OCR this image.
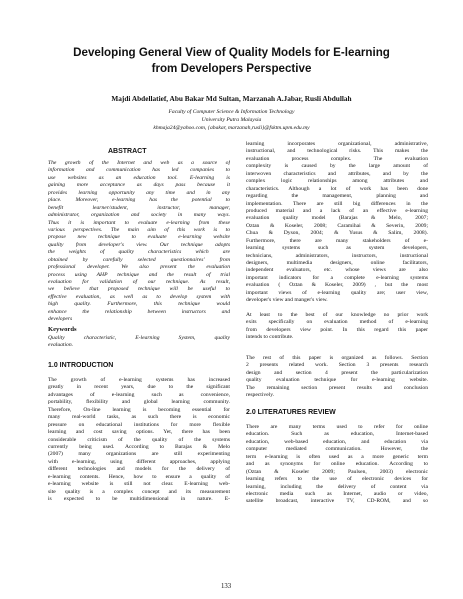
Developing General View of Quality Models for E-learning
from Developers Perspective
Majdi Abdellatief, Abu Bakar Md Sultan, Marzanah A.Jabar, Rusli Abdullah
Faculty of Computer Science & Information Technology
University Putra Malaysia
khmaja24@yahoo.com, {abakar, marzanah,rusli}@fsktm.upm.edu.my
ABSTRACT
The growth of the Internet and web as a source of
information and communication has led companies to
use websites as an education tool. E-learning is
gaining more acceptance as days pass because it
provides learning opportunity any time and in any
place. Moreover, e-learning has the potential to
benefit learner/student, instructor, manager,
administrator, organization and society in many ways.
Thus it is important to evaluate e-learning from these
various perspectives. The main aim of this work is to
propose new technique to evaluate e-learning website
quality from developer's view. Our technique adopts
the weights of quality characteristics which are
obtained by carefully selected questionnaires' from
professional developer. We also present the evaluation
process using AHP technique and the result of trial
evaluation for validation of our technique. As result,
we believe that proposed technique will be useful to
effective evaluation, as well as to develop system with
high quality. Furthermore, this technique would
enhance the relationship between instructors and
developers
Keywords
Quality characteristic, E-learning System, quality
evaluation.
1.0 INTRODUCTION
The growth of e-learning systems has increased
greatly in recent years, due to the significant
advantages of e-learning such as convenience,
portability, flexibility and global learning community.
Therefore, On-line learning is becoming essential for
many real-world tasks, as such there is economic
pressure on educational institutions for more flexible
learning and cost saving options. Yet, there has been
considerable criticism of the quality of the systems
currently being used. According to Barajas & Melo
(2007) many organizations are still experimenting
with e-learning, using different approaches, applying
different technologies and models for the delivery of
e-learning contents. Hence, how to ensure a quality of
e-learning website is still not clear. E-learning web-
site quality is a complex concept and its measurement
is expected to be multidimensional in nature. E-
learning incorporates organizational, administrative,
instructional, and technological risks. This makes the
evaluation process complex. The evaluation
complexity is caused by the large amount of
interwoven characteristics and attributes, and by the
complex logic relationships among attributes and
characteristics. Although a lot of work has been done
regarding the management, planning and
implementation. There are still big differences in the
produced material and a lack of an effective e-learning
evaluation quality model (Barajas & Melo, 2007;
Oztan & Koseler, 2008; Caramihai & Severin, 2009;
Chua & Dyson, 2004; & Yusus & Salim, 2008).
Furthermore, there are many stakeholders of e-
learning systems such as system developers,
technicians, administrators, instructors, instructional
designers, multimedia designers, online facilitators,
independent evaluators, etc. whose views are also
important indicators for a complete e-learning systems
evaluation ( Oztan & Koseler, 2009) , but the most
important views of e-learning quality are; user view,
developer's view and manger's view.
At least to the best of our knowledge no prior work
exits specifically on evaluation method of e-learning
from developers view point. In this regard this paper
intends to contribute.
The rest of this paper is organized as follows. Section
2 presents related work. Section 3 presents research
design and section 4 present the particularization
quality evaluation technique for e-learning website.
The remaining section present results and conclusion
respectively.
2.0 LITERATURES REVIEW
There are many terms used to refer for online
education. Such as education, Internet-based
education, web-based education, and education via
computer mediated communication. However, the
term e-learning is often used as a more generic term
and as synonyms for online education. According to
(Oztan & Koseler 2009; Paulsen, 2003) electronic
learning refers to the use of electronic devices for
learning, including the delivery of content via
electronic media such as Internet, audio or video,
satellite broadcast, interactive TV, CD-ROM, and so
133
